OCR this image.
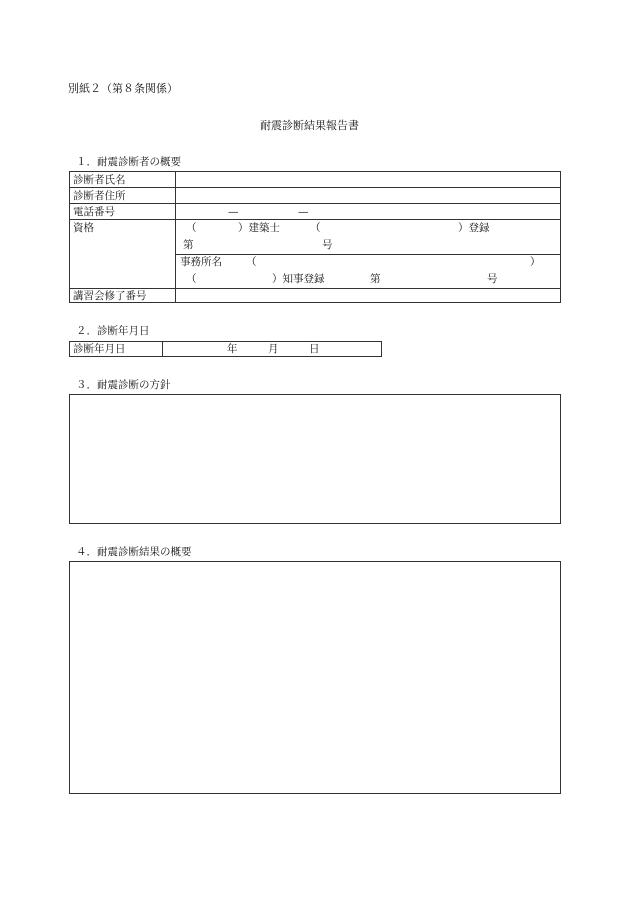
別紙２（第８条関係）
耐震診断結果報告書
１．耐震診断者の概要
診断者氏名
診断者住所
電話番号	—	—
資格	（	）建築士	（	）登録
第	号
事務所名 （	）
（	）知事登録	第	号
講習会修了番号
２．診断年月日
診断年月日	年	月	日
３．耐震診断の方針
４．耐震診断結果の概要
